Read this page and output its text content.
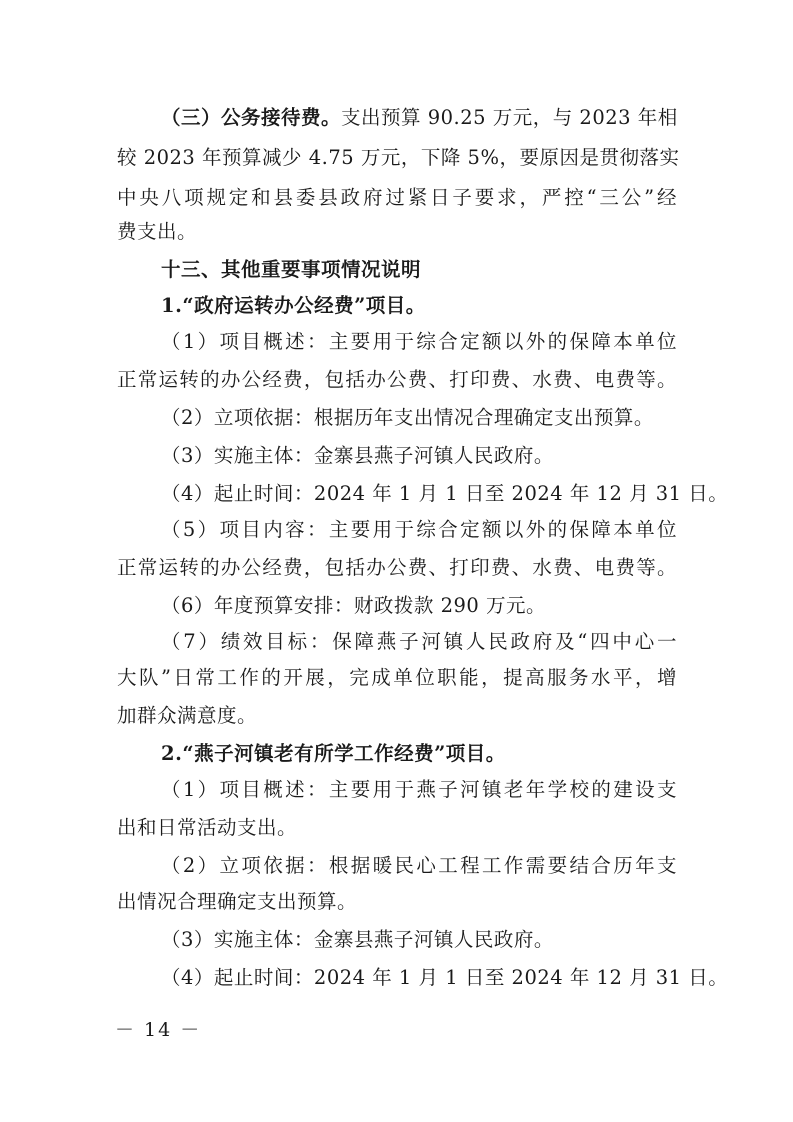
（三）公务接待费。支出预算 90.25 万元，与 2023 年相
较 2023 年预算减少 4.75 万元，下降 5%，要原因是贯彻落实
中央八项规定和县委县政府过紧日子要求，严控“三公”经
费支出。
十三、其他重要事项情况说明
1.“政府运转办公经费”项目。
（1）项目概述：主要用于综合定额以外的保障本单位
正常运转的办公经费，包括办公费、打印费、水费、电费等。
（2）立项依据：根据历年支出情况合理确定支出预算。
（3）实施主体：金寨县燕子河镇人民政府。
（4）起止时间：2024 年 1 月 1 日至 2024 年 12 月 31 日。
（5）项目内容：主要用于综合定额以外的保障本单位
正常运转的办公经费，包括办公费、打印费、水费、电费等。
（6）年度预算安排：财政拨款 290 万元。
（7）绩效目标：保障燕子河镇人民政府及“四中心一
大队”日常工作的开展，完成单位职能，提高服务水平，增
加群众满意度。
2.“燕子河镇老有所学工作经费”项目。
（1）项目概述：主要用于燕子河镇老年学校的建设支
出和日常活动支出。
（2）立项依据：根据暖民心工程工作需要结合历年支
出情况合理确定支出预算。
（3）实施主体：金寨县燕子河镇人民政府。
（4）起止时间：2024 年 1 月 1 日至 2024 年 12 月 31 日。
－ 14 －
